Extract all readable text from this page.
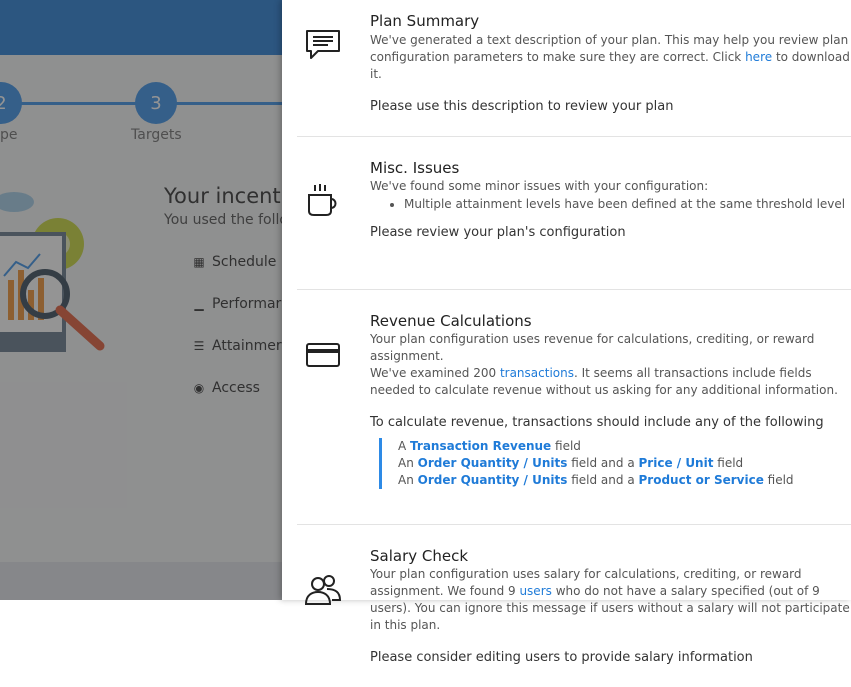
Plan Summary
We've generated a text description of your plan. This may help you review plan configuration parameters to make sure they are correct. Click here to download it.
Please use this description to review your plan
Misc. Issues
We've found some minor issues with your configuration:
• Multiple attainment levels have been defined at the same threshold level
Please review your plan's configuration
Revenue Calculations
Your plan configuration uses revenue for calculations, crediting, or reward assignment.
We've examined 200 transactions. It seems all transactions include fields needed to calculate revenue without us asking for any additional information.
To calculate revenue, transactions should include any of the following
A Transaction Revenue field
An Order Quantity / Units field and a Price / Unit field
An Order Quantity / Units field and a Product or Service field
Salary Check
Your plan configuration uses salary for calculations, crediting, or reward assignment. We found 9 users who do not have a salary specified (out of 9 users). You can ignore this message if users without a salary will not participate in this plan.
Please consider editing users to provide salary information
